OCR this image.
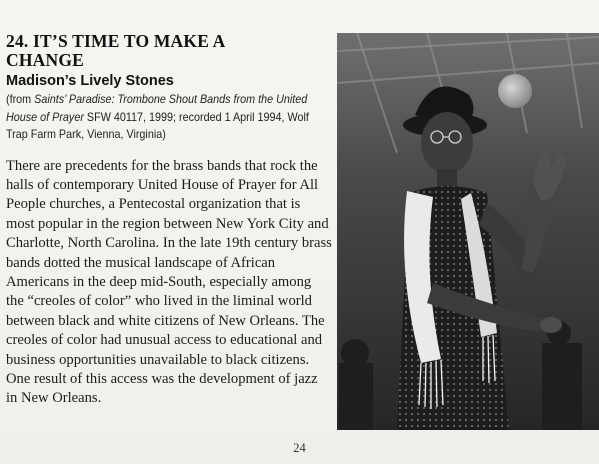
24. IT’S TIME TO MAKE A
CHANGE
Madison’s Lively Stones
(from Saints’ Paradise: Trombone Shout Bands from the United House of Prayer SFW 40117, 1999; recorded 1 April 1994, Wolf Trap Farm Park, Vienna, Virginia)

There are precedents for the brass bands that rock the halls of contemporary United House of Prayer for All People churches, a Pentecostal organization that is most popular in the region between New York City and Charlotte, North Carolina. In the late 19th century brass bands dotted the musical landscape of African Americans in the deep mid-South, especially among the “creoles of color” who lived in the liminal world between black and white citizens of New Orleans. The creoles of color had unusual access to educational and business opportunities unavailable to black citizens. One result of this access was the development of jazz in New Orleans.

24
